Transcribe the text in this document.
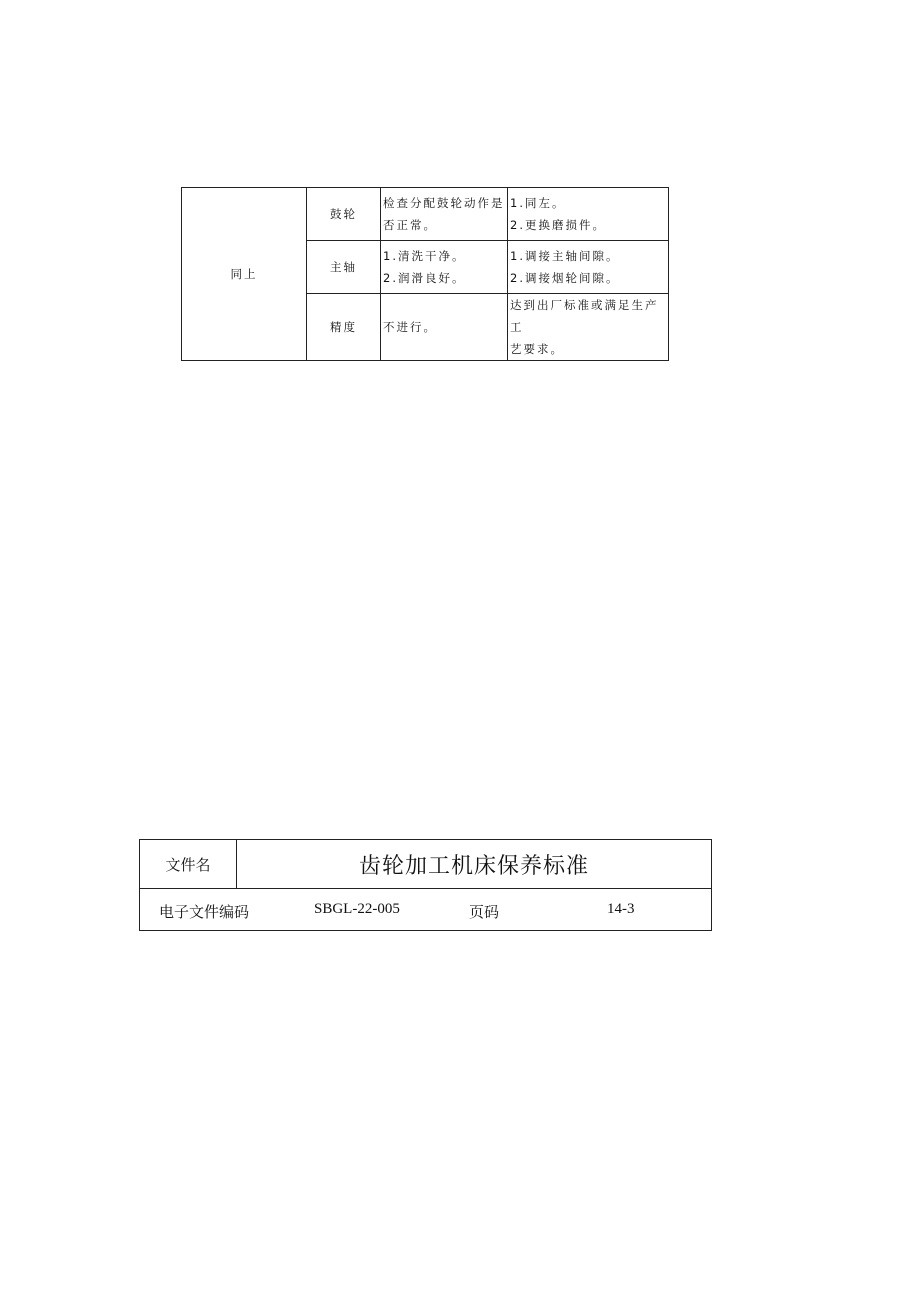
同上	鼓轮	检查分配鼓轮动作是
否正常。	1.同左。
2.更换磨损件。

	主轴	1.清洗干净。
2.润滑良好。	1.调接主轴间隙。
2.调接烟轮间隙。

	精度	不进行。	达到出厂标准或满足生产工
艺要求。
文件名	齿轮加工机床保养标准

电子文件编码	SBGL-22-005	页码	14-3
